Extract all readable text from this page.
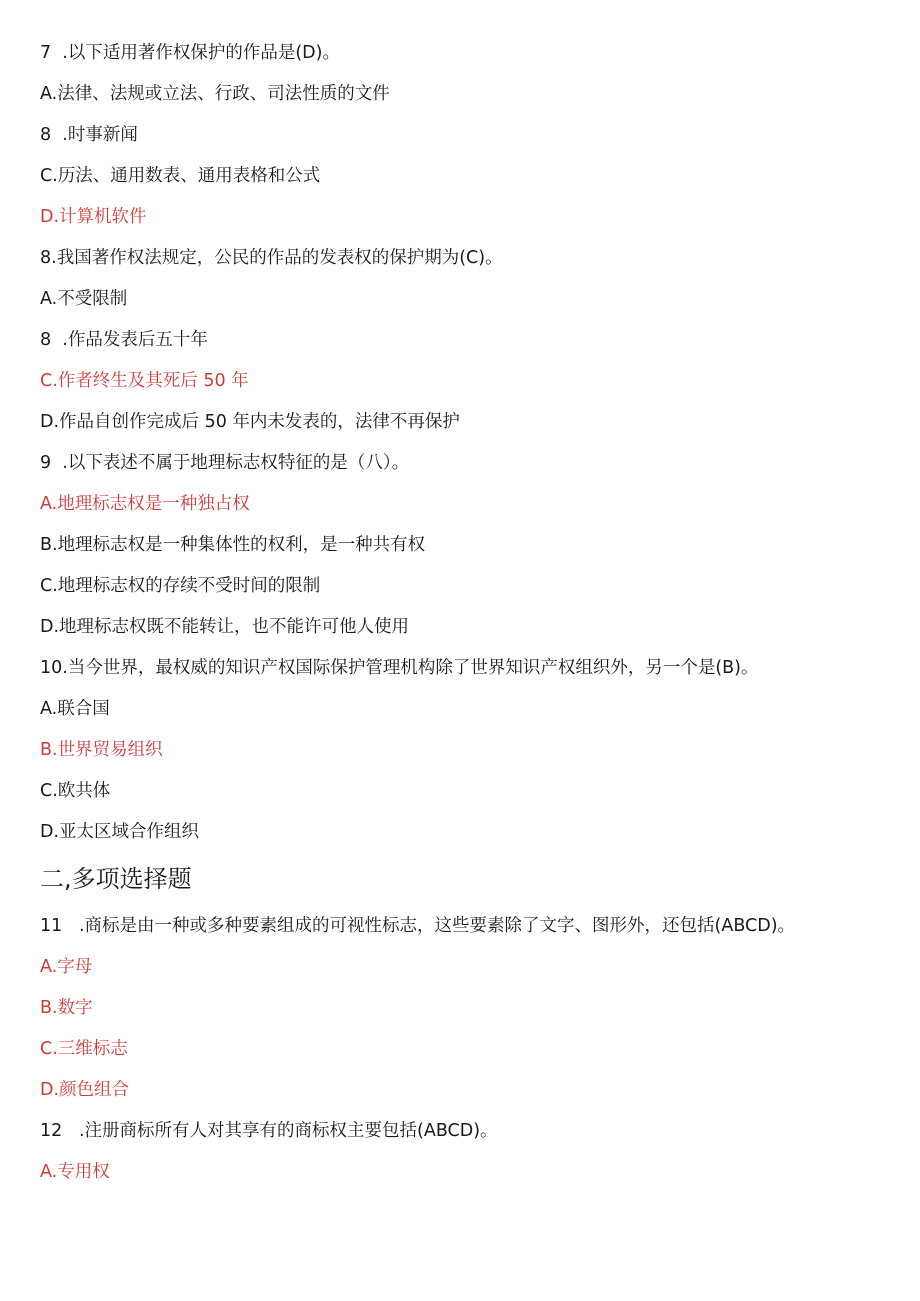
7  .以下适用著作权保护的作品是(D)。
A.法律、法规或立法、行政、司法性质的文件
8  .时事新闻
C.历法、通用数表、通用表格和公式
D.计算机软件
8.我国著作权法规定，公民的作品的发表权的保护期为(C)。
A.不受限制
8  .作品发表后五十年
C.作者终生及其死后 50 年
D.作品自创作完成后 50 年内未发表的，法律不再保护
9  .以下表述不属于地理标志权特征的是（八）。
A.地理标志权是一种独占权
B.地理标志权是一种集体性的权利，是一种共有权
C.地理标志权的存续不受时间的限制
D.地理标志权既不能转让，也不能许可他人使用
10.当今世界，最权威的知识产权国际保护管理机构除了世界知识产权组织外，另一个是(B)。
A.联合国
B.世界贸易组织
C.欧共体
D.亚太区域合作组织
二,多项选择题
11   .商标是由一种或多种要素组成的可视性标志，这些要素除了文字、图形外，还包括(ABCD)。
A.字母
B.数字
C.三维标志
D.颜色组合
12   .注册商标所有人对其享有的商标权主要包括(ABCD)。
A.专用权
